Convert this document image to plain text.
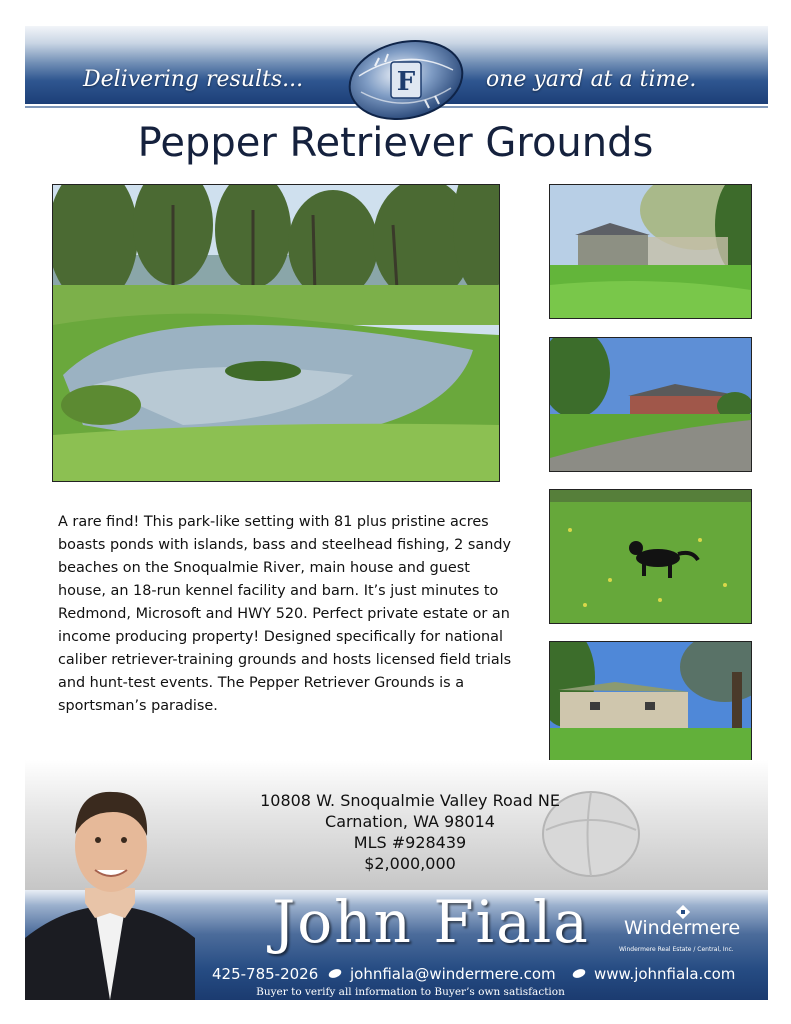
Delivering results...	one yard at a time.
F
Pepper Retriever Grounds

A rare find! This park-like setting with 81 plus pristine acres boasts ponds with islands, bass and steelhead fishing, 2 sandy beaches on the Snoqualmie River, main house and guest house, an 18-run kennel facility and barn. It’s just minutes to Redmond, Microsoft and HWY 520. Perfect private estate or an income producing property! Designed specifically for national caliber retriever-training grounds and hosts licensed field trials and hunt-test events. The Pepper Retriever Grounds is a sportsman’s paradise.

10808 W. Snoqualmie Valley Road NE
Carnation, WA 98014
MLS #928439
$2,000,000
John Fiala Windermere
Windermere Real Estate / Central, Inc.
425-785-2026 johnfiala@windermere.com	www.johnfiala.com
Buyer to verify all information to Buyer’s own satisfaction
